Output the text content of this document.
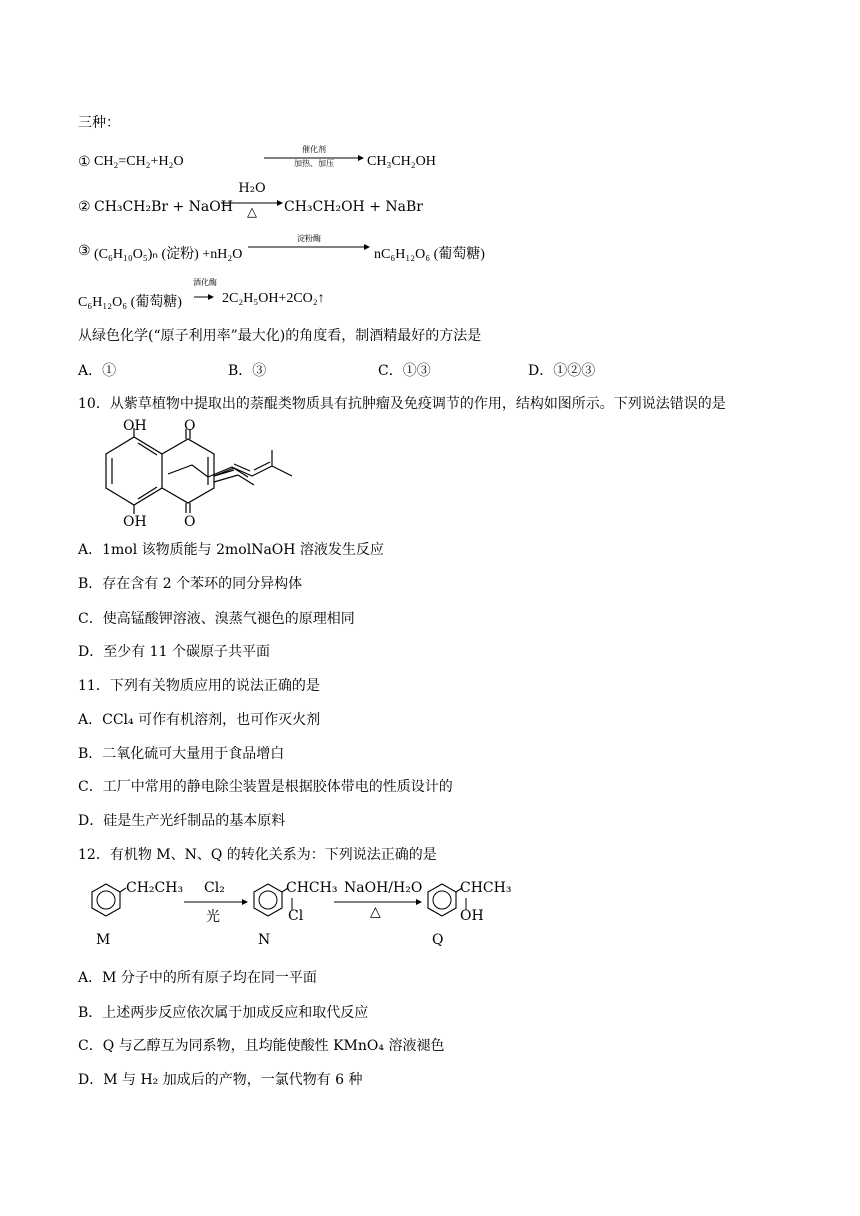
三种：
① CH₂=CH₂+H₂O
催化剂
加热、加压	CH₃CH₂OH
② CH₃CH₂Br + NaOH
H₂O
△	CH₃CH₂OH + NaBr
③ (C₆H₁₀O₅)ₙ (淀粉) +nH₂O
淀粉酶
nC₆H₁₂O₆ (葡萄糖)
C₆H₁₂O₆ (葡萄糖)
酒化酶
2C₂H₅OH+2CO₂↑
从绿色化学(“原子利用率”最大化)的角度看，制酒精最好的方法是
A．①	B．③	C．①③	D．①②③
10．从紫草植物中提取出的萘醌类物质具有抗肿瘤及免疫调节的作用，结构如图所示。下列说法错误的是
OH
OH
O
O
A．1mol 该物质能与 2molNaOH 溶液发生反应
B．存在含有 2 个苯环的同分异构体
C．使高锰酸钾溶液、溴蒸气褪色的原理相同
D．至少有 11 个碳原子共平面
11．下列有关物质应用的说法正确的是
A．CCl₄ 可作有机溶剂，也可作灭火剂
B．二氧化硫可大量用于食品增白
C．工厂中常用的静电除尘装置是根据胶体带电的性质设计的
D．硅是生产光纤制品的基本原料
12．有机物 M、N、Q 的转化关系为：下列说法正确的是
CH₂CH₃ Cl₂
光
CHCH₃
Cl
NaOH/H₂O
△
CHCH₃
OH
M	N	Q
A．M 分子中的所有原子均在同一平面
B．上述两步反应依次属于加成反应和取代反应
C．Q 与乙醇互为同系物，且均能使酸性 KMnO₄ 溶液褪色
D．M 与 H₂ 加成后的产物，一氯代物有 6 种
